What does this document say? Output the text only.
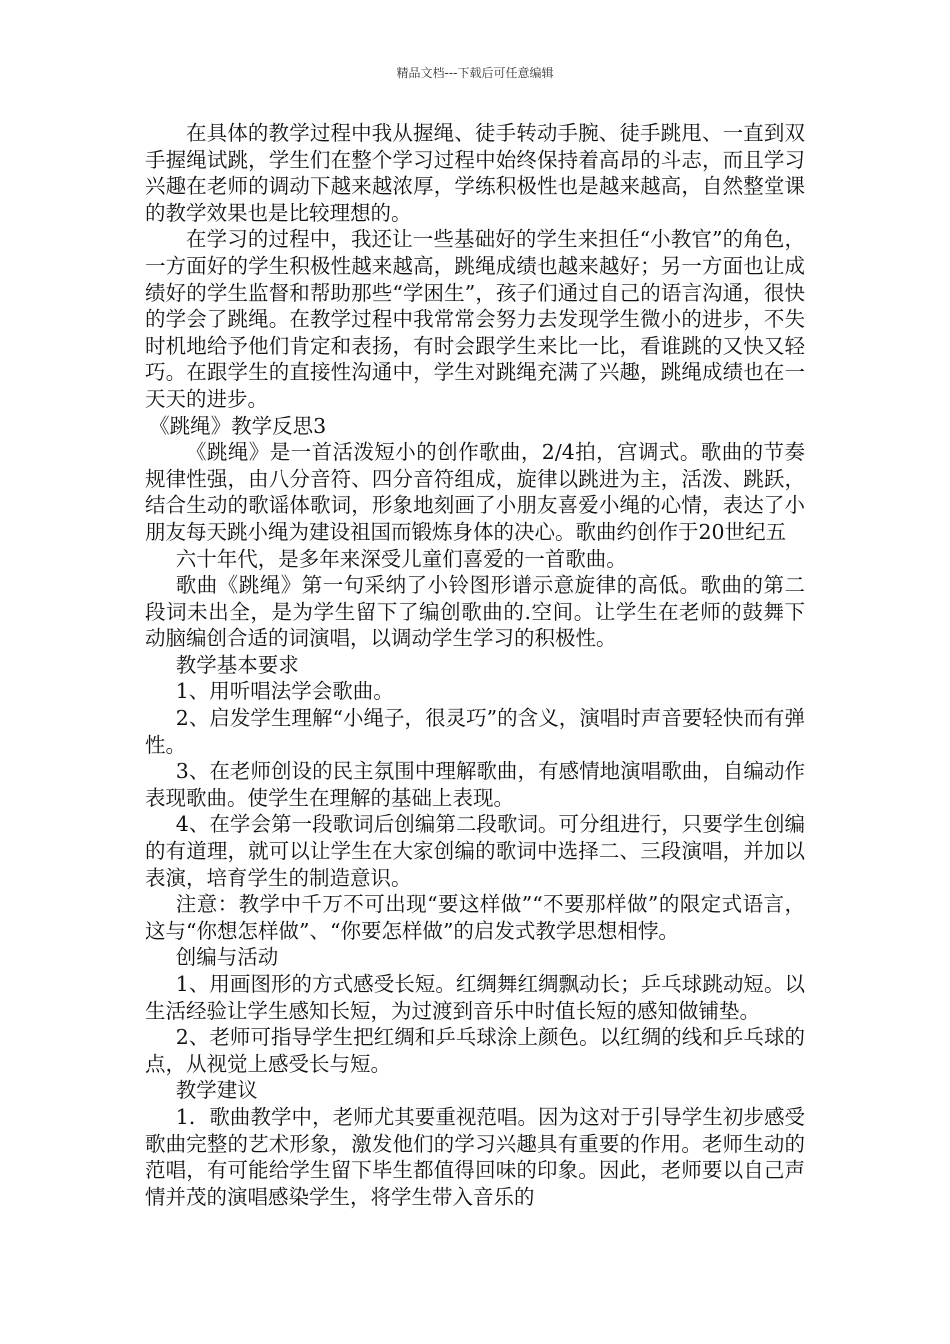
精品文档---下载后可任意编辑

在具体的教学过程中我从握绳、徒手转动手腕、徒手跳甩、一直到双手握绳试跳，学生们在整个学习过程中始终保持着高昂的斗志，而且学习兴趣在老师的调动下越来越浓厚，学练积极性也是越来越高，自然整堂课的教学效果也是比较理想的。

在学习的过程中，我还让一些基础好的学生来担任“小教官”的角色，一方面好的学生积极性越来越高，跳绳成绩也越来越好；另一方面也让成绩好的学生监督和帮助那些“学困生”，孩子们通过自己的语言沟通，很快的学会了跳绳。在教学过程中我常常会努力去发现学生微小的进步，不失时机地给予他们肯定和表扬，有时会跟学生来比一比，看谁跳的又快又轻巧。在跟学生的直接性沟通中，学生对跳绳充满了兴趣，跳绳成绩也在一天天的进步。

《跳绳》教学反思3

《跳绳》是一首活泼短小的创作歌曲，2/4拍，宫调式。歌曲的节奏规律性强，由八分音符、四分音符组成，旋律以跳进为主，活泼、跳跃，结合生动的歌谣体歌词，形象地刻画了小朋友喜爱小绳的心情，表达了小朋友每天跳小绳为建设祖国而锻炼身体的决心。歌曲约创作于20世纪五

六十年代，是多年来深受儿童们喜爱的一首歌曲。

歌曲《跳绳》第一句采纳了小铃图形谱示意旋律的高低。歌曲的第二段词未出全，是为学生留下了编创歌曲的.空间。让学生在老师的鼓舞下动脑编创合适的词演唱，以调动学生学习的积极性。

教学基本要求

1、用听唱法学会歌曲。

2、启发学生理解“小绳子，很灵巧”的含义，演唱时声音要轻快而有弹性。

3、在老师创设的民主氛围中理解歌曲，有感情地演唱歌曲，自编动作表现歌曲。使学生在理解的基础上表现。

4、在学会第一段歌词后创编第二段歌词。可分组进行，只要学生创编的有道理，就可以让学生在大家创编的歌词中选择二、三段演唱，并加以表演，培育学生的制造意识。

注意：教学中千万不可出现“要这样做”“不要那样做”的限定式语言，这与“你想怎样做”、“你要怎样做”的启发式教学思想相悖。

创编与活动

1、用画图形的方式感受长短。红绸舞红绸飘动长；乒乓球跳动短。以生活经验让学生感知长短，为过渡到音乐中时值长短的感知做铺垫。

2、老师可指导学生把红绸和乒乓球涂上颜色。以红绸的线和乒乓球的点，从视觉上感受长与短。

教学建议

1．歌曲教学中，老师尤其要重视范唱。因为这对于引导学生初步感受歌曲完整的艺术形象，激发他们的学习兴趣具有重要的作用。老师生动的范唱，有可能给学生留下毕生都值得回味的印象。因此，老师要以自己声情并茂的演唱感染学生，将学生带入音乐的
